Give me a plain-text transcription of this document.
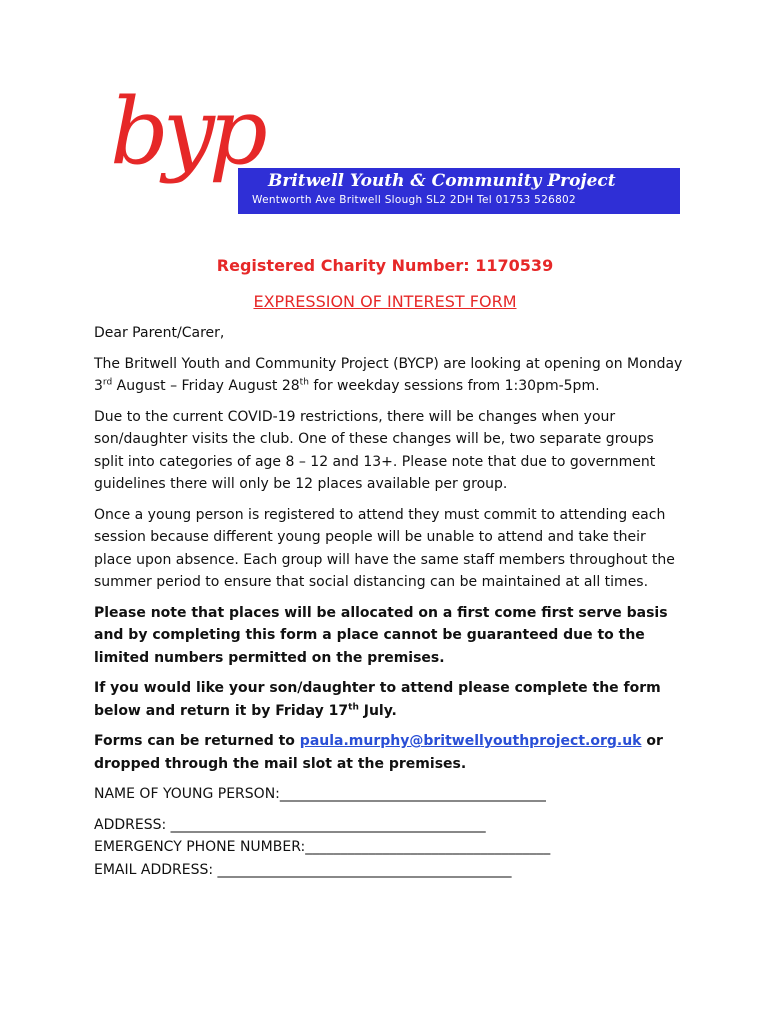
Britwell Youth & Community Project
Wentworth Ave Britwell Slough SL2 2DH Tel 01753 526802
byp
Registered Charity Number: 1170539
EXPRESSION OF INTEREST FORM

Dear Parent/Carer,

The Britwell Youth and Community Project (BYCP) are looking at opening on Monday 3rd August – Friday August 28th for weekday sessions from 1:30pm-5pm.

Due to the current COVID-19 restrictions, there will be changes when your son/daughter visits the club. One of these changes will be, two separate groups split into categories of age 8 – 12 and 13+. Please note that due to government guidelines there will only be 12 places available per group.

Once a young person is registered to attend they must commit to attending each session because different young people will be unable to attend and take their place upon absence. Each group will have the same staff members throughout the summer period to ensure that social distancing can be maintained at all times.

Please note that places will be allocated on a first come first serve basis and by completing this form a place cannot be guaranteed due to the limited numbers permitted on the premises.

If you would like your son/daughter to attend please complete the form below and return it by Friday 17th July.

Forms can be returned to paula.murphy@britwellyouthproject.org.uk or dropped through the mail slot at the premises.

NAME OF YOUNG PERSON:______________________________________
ADDRESS: _____________________________________________
EMERGENCY PHONE NUMBER:___________________________________
EMAIL ADDRESS: __________________________________________
